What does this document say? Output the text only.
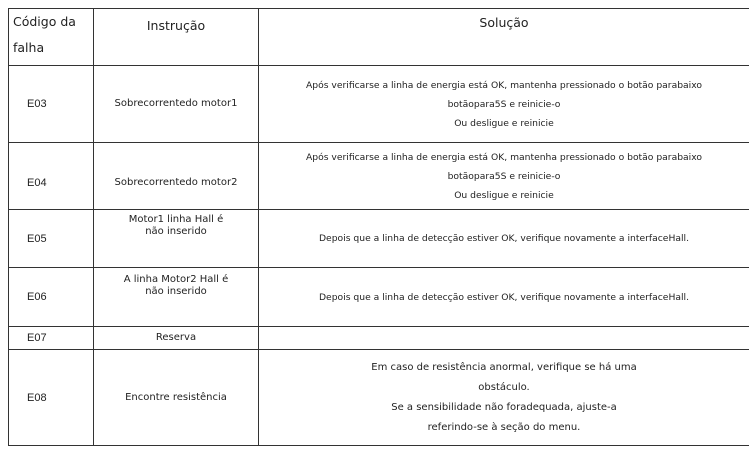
Código da
falha	Instrução	Solução
E03	Sobrecorrentedo motor1	Após verificarse a linha de energia está OK, mantenha pressionado o botão parabaixo
botãopara5S e reinicie-o
Ou desligue e reinicie

E04	Sobrecorrentedo motor2	Após verificarse a linha de energia está OK, mantenha pressionado o botão parabaixo
botãopara5S e reinicie-o
Ou desligue e reinicie

E05	Motor1 linha Hall é
não inserido	Depois que a linha de detecção estiver OK, verifique novamente a interfaceHall.

E06	A linha Motor2 Hall é
não inserido	Depois que a linha de detecção estiver OK, verifique novamente a interfaceHall.

E07	Reserva	

E08	Encontre resistência	Em caso de resistência anormal, verifique se há uma
obstáculo.
Se a sensibilidade não foradequada, ajuste-a
referindo-se à seção do menu.
